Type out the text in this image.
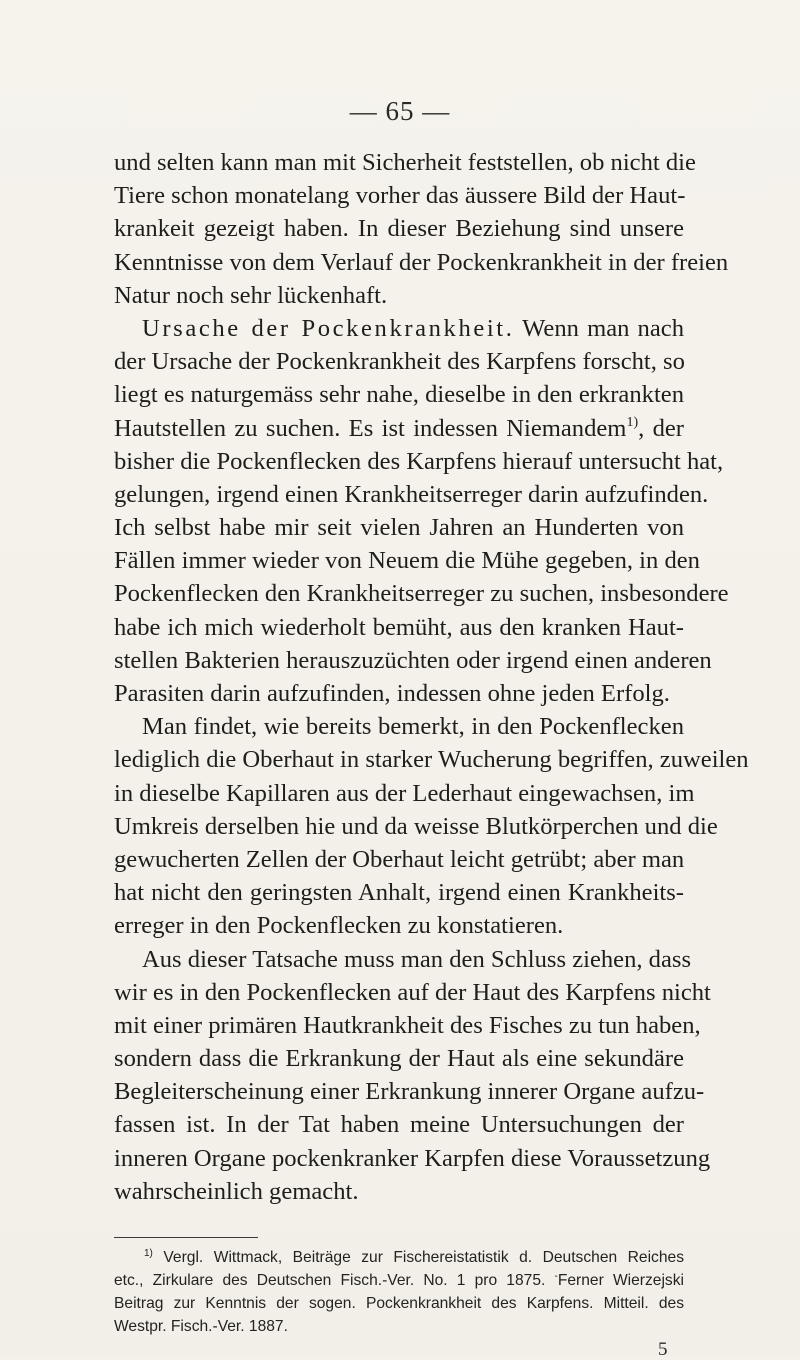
— 65 —
und selten kann man mit Sicherheit feststellen, ob nicht die
Tiere schon monatelang vorher das äussere Bild der Haut-
krankeit gezeigt haben. In dieser Beziehung sind unsere
Kenntnisse von dem Verlauf der Pockenkrankheit in der freien
Natur noch sehr lückenhaft.
Ursache der Pockenkrankheit. Wenn man nach
der Ursache der Pockenkrankheit des Karpfens forscht, so
liegt es naturgemäss sehr nahe, dieselbe in den erkrankten
Hautstellen zu suchen. Es ist indessen Niemandem$^{1)}$, der
bisher die Pockenflecken des Karpfens hierauf untersucht hat,
gelungen, irgend einen Krankheitserreger darin aufzufinden.
Ich selbst habe mir seit vielen Jahren an Hunderten von
Fällen immer wieder von Neuem die Mühe gegeben, in den
Pockenflecken den Krankheitserreger zu suchen, insbesondere
habe ich mich wiederholt bemüht, aus den kranken Haut-
stellen Bakterien herauszuzüchten oder irgend einen anderen
Parasiten darin aufzufinden, indessen ohne jeden Erfolg.
Man findet, wie bereits bemerkt, in den Pockenflecken
lediglich die Oberhaut in starker Wucherung begriffen, zuweilen
in dieselbe Kapillaren aus der Lederhaut eingewachsen, im
Umkreis derselben hie und da weisse Blutkörperchen und die
gewucherten Zellen der Oberhaut leicht getrübt; aber man
hat nicht den geringsten Anhalt, irgend einen Krankheits-
erreger in den Pockenflecken zu konstatieren.
Aus dieser Tatsache muss man den Schluss ziehen, dass
wir es in den Pockenflecken auf der Haut des Karpfens nicht
mit einer primären Hautkrankheit des Fisches zu tun haben,
sondern dass die Erkrankung der Haut als eine sekundäre
Begleiterscheinung einer Erkrankung innerer Organe aufzu-
fassen ist. In der Tat haben meine Untersuchungen der
inneren Organe pockenkranker Karpfen diese Voraussetzung
wahrscheinlich gemacht.
$^{1)}$ Vergl. Wittmack, Beiträge zur Fischereistatistik d. Deutschen Reiches
etc., Zirkulare des Deutschen Fisch.-Ver. No. 1 pro 1875. -Ferner Wierzejski
Beitrag zur Kenntnis der sogen. Pockenkrankheit des Karpfens. Mitteil. des
Westpr. Fisch.-Ver. 1887.
5
